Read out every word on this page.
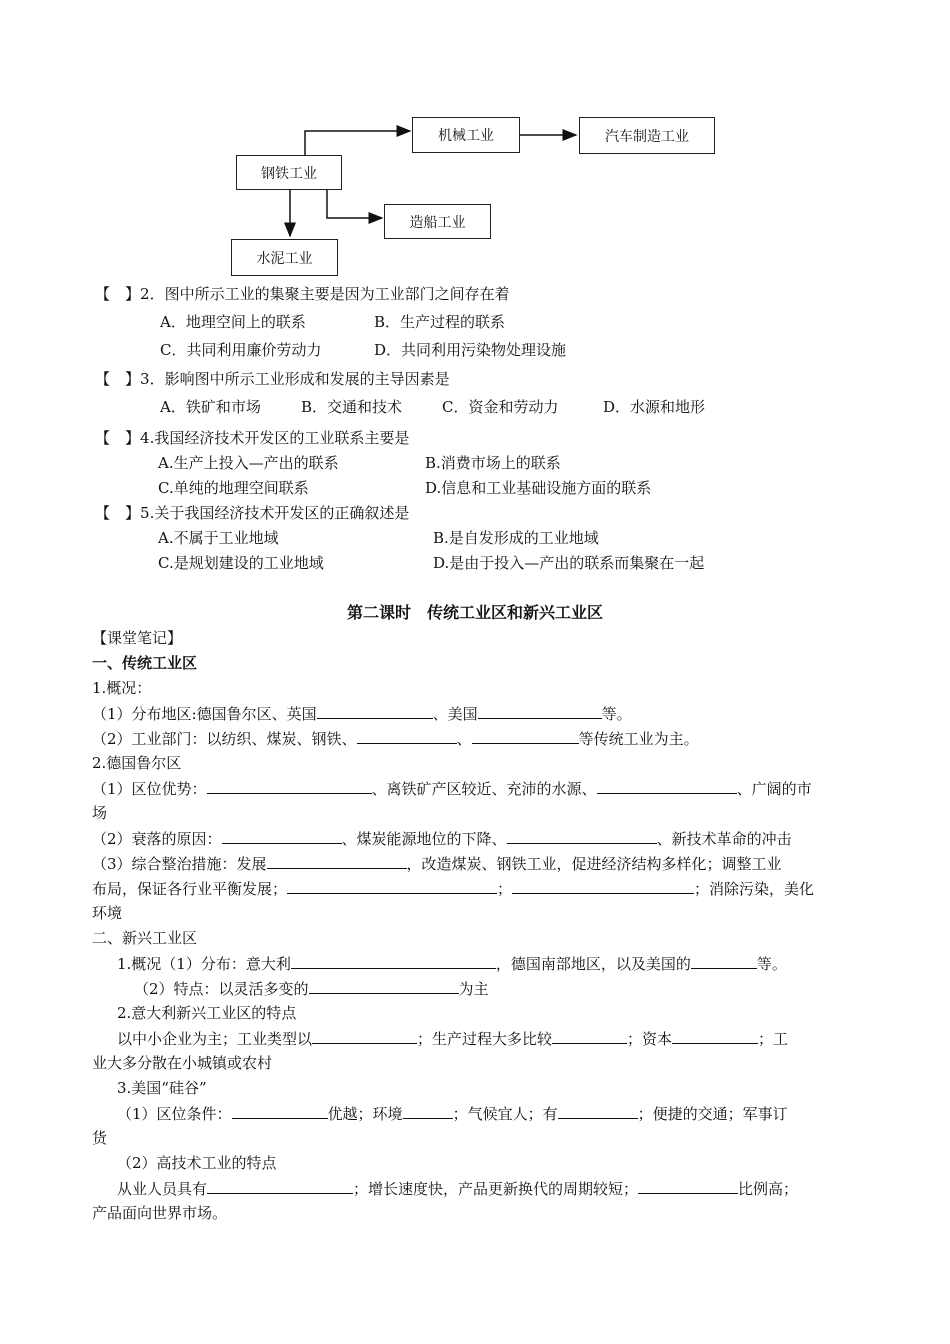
钢铁工业
机械工业	汽车制造工业
造船工业
水泥工业
【 】2．图中所示工业的集聚主要是因为工业部门之间存在着
A．地理空间上的联系	B．生产过程的联系
C．共同利用廉价劳动力	D．共同利用污染物处理设施
【 】3．影响图中所示工业形成和发展的主导因素是
A．铁矿和市场	B．交通和技术	C．资金和劳动力	D．水源和地形
【 】4.我国经济技术开发区的工业联系主要是
A.生产上投入—产出的联系	B.消费市场上的联系
C.单纯的地理空间联系	D.信息和工业基础设施方面的联系
【 】5.关于我国经济技术开发区的正确叙述是
A.不属于工业地域	B.是自发形成的工业地域
C.是规划建设的工业地域	D.是由于投入—产出的联系而集聚在一起
第二课时　传统工业区和新兴工业区
【课堂笔记】
一、传统工业区
1.概况：
（1）分布地区:德国鲁尔区、英国	、美国	等。
（2）工业部门：以纺织、煤炭、钢铁、	、	等传统工业为主。
2.德国鲁尔区
（1）区位优势：	、离铁矿产区较近、充沛的水源、	、广阔的市
场
（2）衰落的原因：	、煤炭能源地位的下降、	、新技术革命的冲击
（3）综合整治措施：发展	，改造煤炭、钢铁工业，促进经济结构多样化；调整工业
布局，保证各行业平衡发展；	；	；消除污染，美化
环境
二、新兴工业区
1.概况（1）分布：意大利	，德国南部地区，以及美国的	等。
（2）特点：以灵活多变的	为主
2.意大利新兴工业区的特点
以中小企业为主；工业类型以	；生产过程大多比较	；资本	；工
业大多分散在小城镇或农村
3.美国“硅谷”
（1）区位条件：	优越；环境	；气候宜人；有	；便捷的交通；军事订
货
（2）高技术工业的特点
从业人员具有	；增长速度快，产品更新换代的周期较短；	比例高；
产品面向世界市场。
